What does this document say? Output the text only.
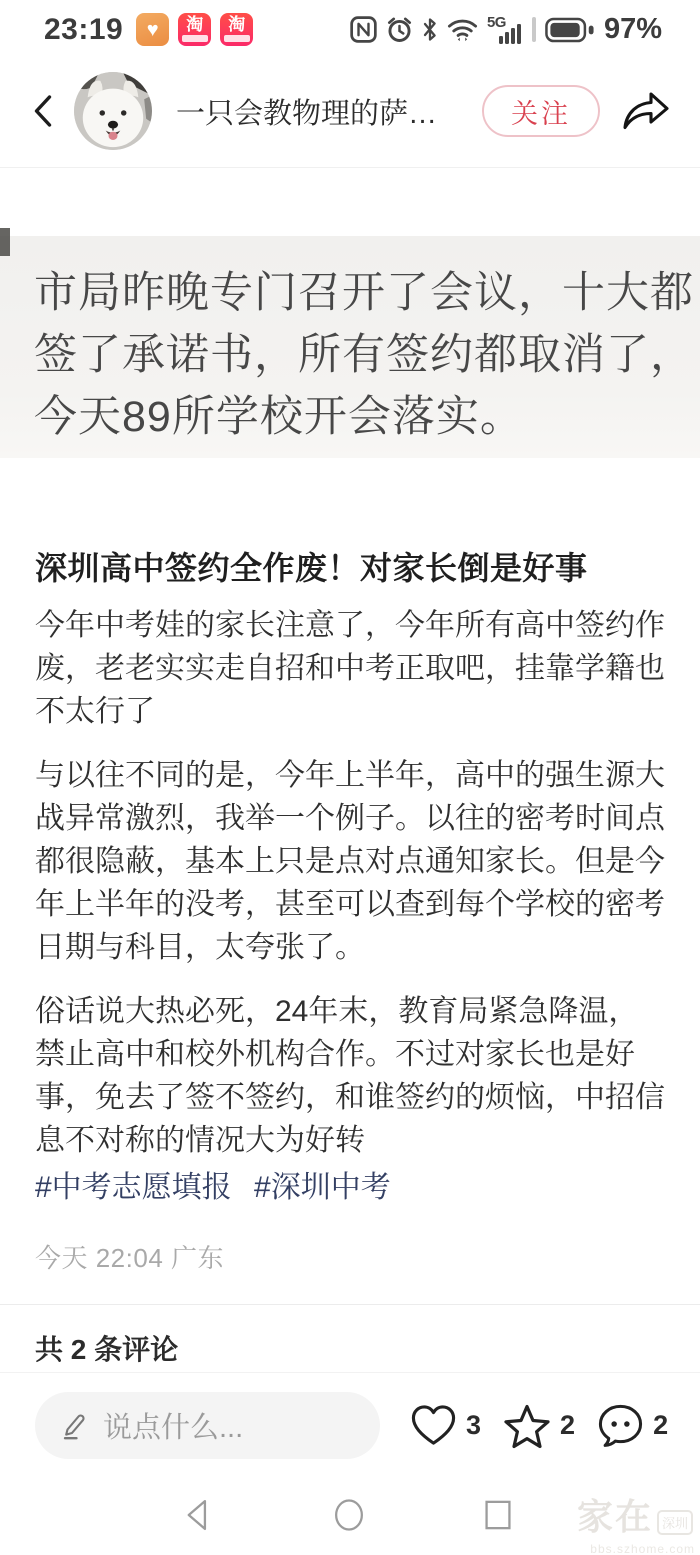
23:19 ♥ 淘 淘	5G	97%
一只会教物理的萨…	关注
市局昨晚专门召开了会议，十大都
签了承诺书，所有签约都取消了，
今天89所学校开会落实。
深圳高中签约全作废！对家长倒是好事

今年中考娃的家长注意了，今年所有高中签约作废，老老实实走自招和中考正取吧，挂靠学籍也不太行了

与以往不同的是，今年上半年，高中的强生源大战异常激烈，我举一个例子。以往的密考时间点都很隐蔽，基本上只是点对点通知家长。但是今年上半年的没考，甚至可以查到每个学校的密考日期与科目，太夸张了。

俗话说大热必死，24年末，教育局紧急降温，禁止高中和校外机构合作。不过对家长也是好事，免去了签不签约，和谁签约的烦恼，中招信息不对称的情况大为好转

#中考志愿填报 #深圳中考
今天 22:04 广东
共 2 条评论
说点什么...	3	2	2
家在 深圳
bbs.szhome.com
